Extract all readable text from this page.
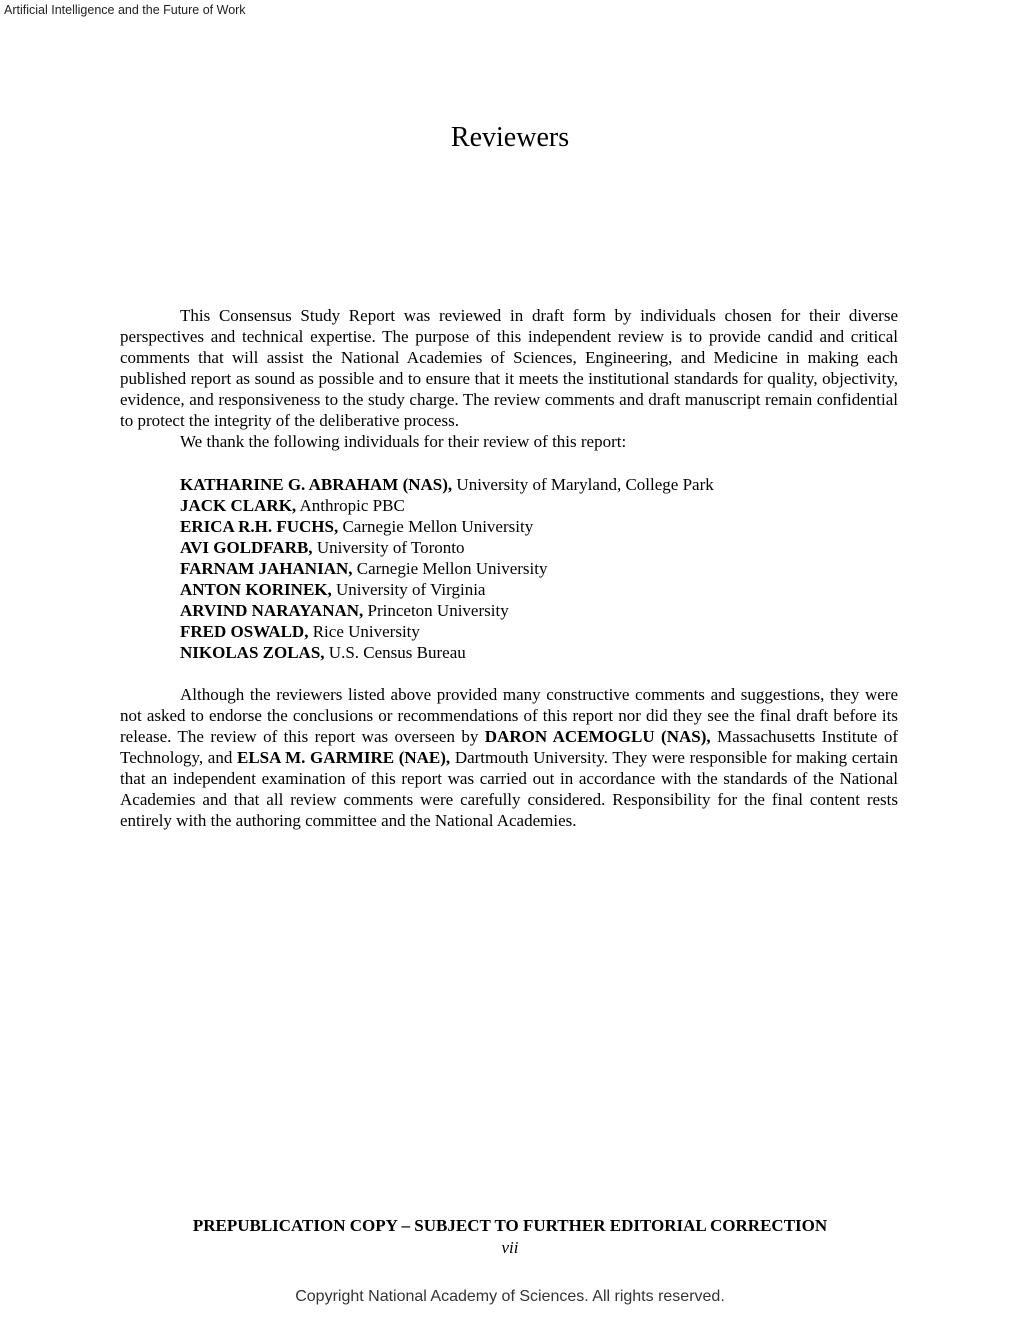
Artificial Intelligence and the Future of Work
Reviewers

This Consensus Study Report was reviewed in draft form by individuals chosen for their diverse perspectives and technical expertise. The purpose of this independent review is to provide candid and critical comments that will assist the National Academies of Sciences, Engineering, and Medicine in making each published report as sound as possible and to ensure that it meets the institutional standards for quality, objectivity, evidence, and responsiveness to the study charge. The review comments and draft manuscript remain confidential to protect the integrity of the deliberative process.

We thank the following individuals for their review of this report:

KATHARINE G. ABRAHAM (NAS), University of Maryland, College Park
JACK CLARK, Anthropic PBC
ERICA R.H. FUCHS, Carnegie Mellon University
AVI GOLDFARB, University of Toronto
FARNAM JAHANIAN, Carnegie Mellon University
ANTON KORINEK, University of Virginia
ARVIND NARAYANAN, Princeton University
FRED OSWALD, Rice University
NIKOLAS ZOLAS, U.S. Census Bureau

Although the reviewers listed above provided many constructive comments and suggestions, they were not asked to endorse the conclusions or recommendations of this report nor did they see the final draft before its release. The review of this report was overseen by DARON ACEMOGLU (NAS), Massachusetts Institute of Technology, and ELSA M. GARMIRE (NAE), Dartmouth University. They were responsible for making certain that an independent examination of this report was carried out in accordance with the standards of the National Academies and that all review comments were carefully considered. Responsibility for the final content rests entirely with the authoring committee and the National Academies.

PREPUBLICATION COPY – SUBJECT TO FURTHER EDITORIAL CORRECTION
vii
Copyright National Academy of Sciences. All rights reserved.
